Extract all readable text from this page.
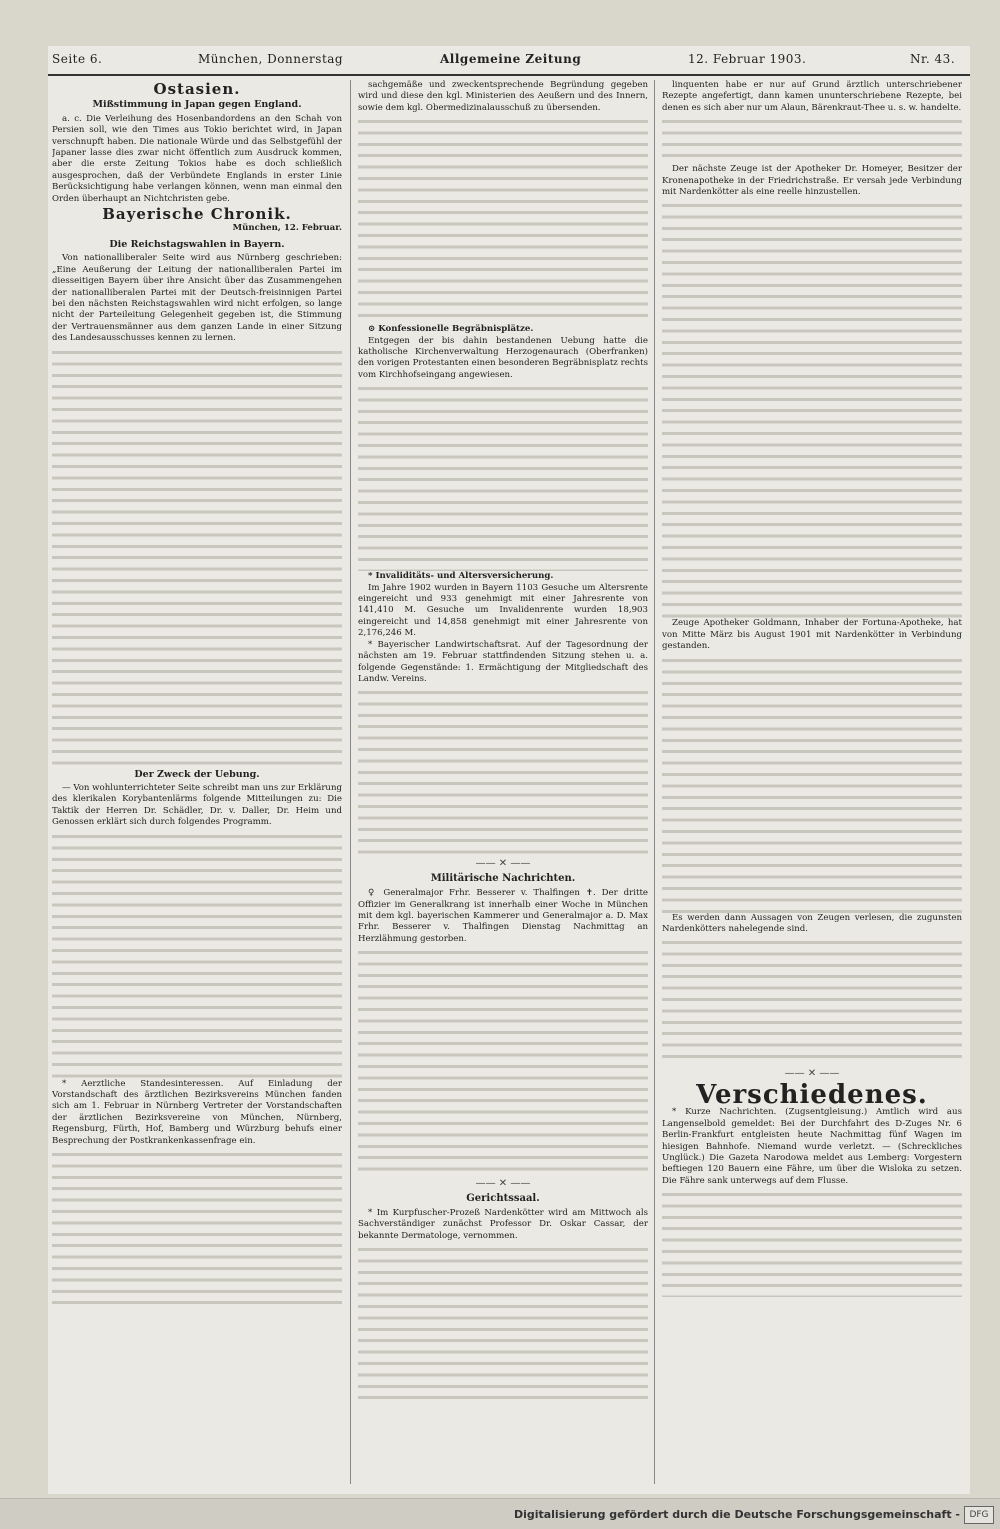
Seite 6.	München, Donnerstag	Allgemeine Zeitung	12. Februar 1903.	Nr. 43.
Ostasien.
Mißstimmung in Japan gegen England.

a. c. Die Verleihung des Hosenbandordens an den Schah von Persien soll, wie den Times aus Tokio berichtet wird, in Japan verschnupft haben. Die nationale Würde und das Selbstgefühl der Japaner lasse dies zwar nicht öffentlich zum Ausdruck kommen, aber die erste Zeitung Tokios habe es doch schließlich ausgesprochen, daß der Verbündete Englands in erster Linie Berücksichtigung habe verlangen können, wenn man einmal den Orden überhaupt an Nichtchristen gebe.

Bayerische Chronik.
München, 12. Februar.
Die Reichstagswahlen in Bayern.

Von nationalliberaler Seite wird aus Nürnberg geschrieben: „Eine Aeußerung der Leitung der nationalliberalen Partei im diesseitigen Bayern über ihre Ansicht über das Zusammengehen der nationalliberalen Partei mit der Deutsch-freisinnigen Partei bei den nächsten Reichstagswahlen wird nicht erfolgen, so lange nicht der Parteileitung Gelegenheit gegeben ist, die Stimmung der Vertrauensmänner aus dem ganzen Lande in einer Sitzung des Landesausschusses kennen zu lernen.

Der Zweck der Uebung.

— Von wohlunterrichteter Seite schreibt man uns zur Erklärung des klerikalen Korybantenlärms folgende Mitteilungen zu: Die Taktik der Herren Dr. Schädler, Dr. v. Daller, Dr. Heim und Genossen erklärt sich durch folgendes Programm.

* Aerztliche Standesinteressen. Auf Einladung der Vorstandschaft des ärztlichen Bezirksvereins München fanden sich am 1. Februar in Nürnberg Vertreter der Vorstandschaften der ärztlichen Bezirksvereine von München, Nürnberg, Regensburg, Fürth, Hof, Bamberg und Würzburg behufs einer Besprechung der Postkrankenkassenfrage ein.

sachgemäße und zweckentsprechende Begründung gegeben wird und diese den kgl. Ministerien des Aeußern und des Innern, sowie dem kgl. Obermedizinalausschuß zu übersenden.

⊙ Konfessionelle Begräbnisplätze.

Entgegen der bis dahin bestandenen Uebung hatte die katholische Kirchenverwaltung Herzogenaurach (Oberfranken) den vorigen Protestanten einen besonderen Begräbnisplatz rechts vom Kirchhofseingang angewiesen.

* Invaliditäts- und Altersversicherung.

Im Jahre 1902 wurden in Bayern 1103 Gesuche um Altersrente eingereicht und 933 genehmigt mit einer Jahresrente von 141,410 M. Gesuche um Invalidenrente wurden 18,903 eingereicht und 14,858 genehmigt mit einer Jahresrente von 2,176,246 M.

* Bayerischer Landwirtschaftsrat. Auf der Tagesordnung der nächsten am 19. Februar stattfindenden Sitzung stehen u. a. folgende Gegenstände: 1. Ermächtigung der Mitgliedschaft des Landw. Vereins.

—— ✕ ——
Militärische Nachrichten.

♀ Generalmajor Frhr. Besserer v. Thalfingen ✝. Der dritte Offizier im Generalkrang ist innerhalb einer Woche in München mit dem kgl. bayerischen Kammerer und Generalmajor a. D. Max Frhr. Besserer v. Thalfingen Dienstag Nachmittag an Herzlähmung gestorben.

—— ✕ ——
Gerichtssaal.

* Im Kurpfuscher-Prozeß Nardenkötter wird am Mittwoch als Sachverständiger zunächst Professor Dr. Oskar Cassar, der bekannte Dermatologe, vernommen.

linquenten habe er nur auf Grund ärztlich unterschriebener Rezepte angefertigt, dann kamen ununterschriebene Rezepte, bei denen es sich aber nur um Alaun, Bärenkraut-Thee u. s. w. handelte.

Der nächste Zeuge ist der Apotheker Dr. Homeyer, Besitzer der Kronenapotheke in der Friedrichstraße. Er versah jede Verbindung mit Nardenkötter als eine reelle hinzustellen.

Zeuge Apotheker Goldmann, Inhaber der Fortuna-Apotheke, hat von Mitte März bis August 1901 mit Nardenkötter in Verbindung gestanden.

Es werden dann Aussagen von Zeugen verlesen, die zugunsten Nardenkötters nahelegende sind.

—— ✕ ——
Verschiedenes.

* Kurze Nachrichten. (Zugsentgleisung.) Amtlich wird aus Langenselbold gemeldet: Bei der Durchfahrt des D-Zuges Nr. 6 Berlin-Frankfurt entgleisten heute Nachmittag fünf Wagen im hiesigen Bahnhofe. Niemand wurde verletzt. — (Schreckliches Unglück.) Die Gazeta Narodowa meldet aus Lemberg: Vorgestern beftiegen 120 Bauern eine Fähre, um über die Wisloka zu setzen. Die Fähre sank unterwegs auf dem Flusse.

Digitalisierung gefördert durch die Deutsche Forschungsgemeinschaft -	DFG
